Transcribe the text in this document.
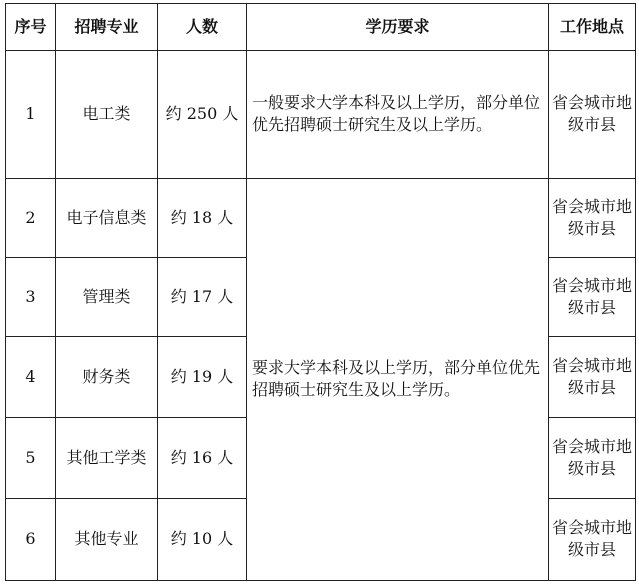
序号	招聘专业	人数	学历要求	工作地点
1	电工类	约 250 人	一般要求大学本科及以上学历，部分单位优先招聘硕士研究生及以上学历。	省会城市地级市县
2	电子信息类	约 18 人	要求大学本科及以上学历，部分单位优先招聘硕士研究生及以上学历。	省会城市地级市县
3	管理类	约 17 人		省会城市地级市县
4	财务类	约 19 人		省会城市地级市县
5	其他工学类	约 16 人		省会城市地级市县
6	其他专业	约 10 人		省会城市地级市县
